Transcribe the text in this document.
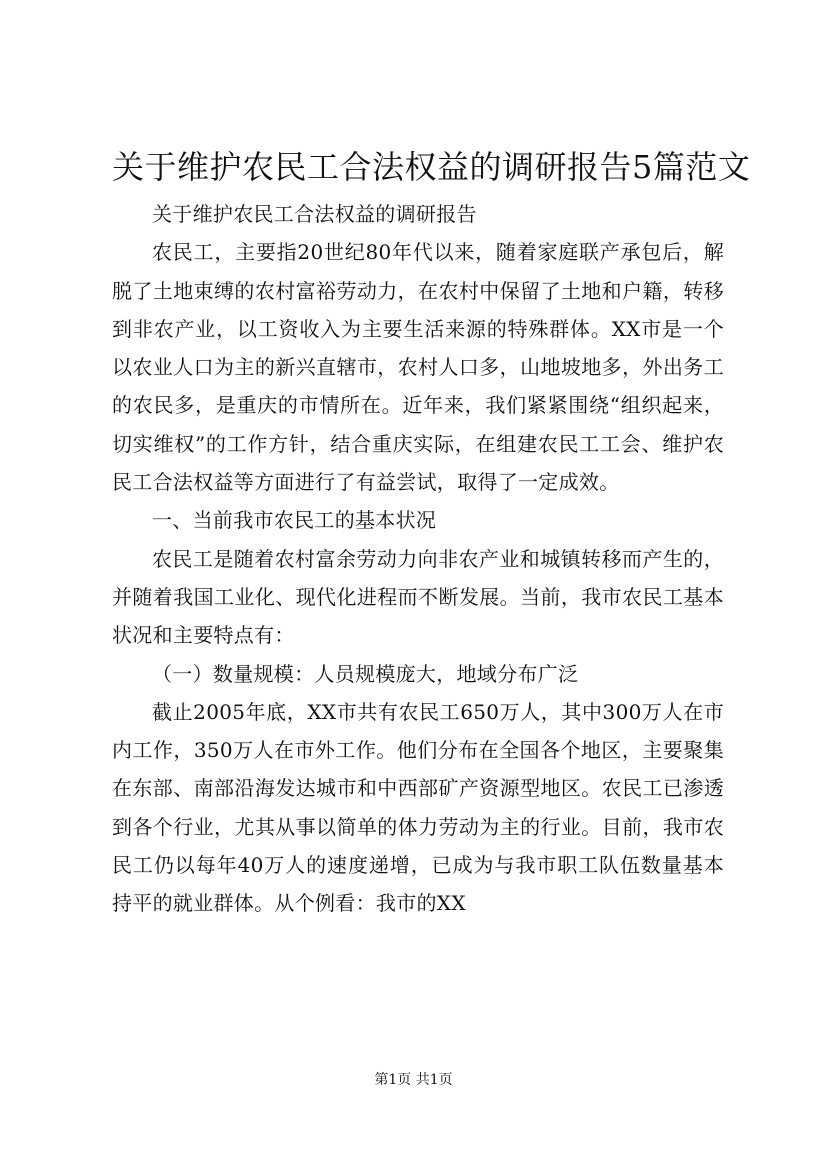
关于维护农民工合法权益的调研报告5篇范文

关于维护农民工合法权益的调研报告

农民工，主要指20世纪80年代以来，随着家庭联产承包后，解脱了土地束缚的农村富裕劳动力，在农村中保留了土地和户籍，转移到非农产业，以工资收入为主要生活来源的特殊群体。XX市是一个以农业人口为主的新兴直辖市，农村人口多，山地坡地多，外出务工的农民多，是重庆的市情所在。近年来，我们紧紧围绕“组织起来，切实维权”的工作方针，结合重庆实际，在组建农民工工会、维护农民工合法权益等方面进行了有益尝试，取得了一定成效。

一、当前我市农民工的基本状况

农民工是随着农村富余劳动力向非农产业和城镇转移而产生的，并随着我国工业化、现代化进程而不断发展。当前，我市农民工基本状况和主要特点有：

（一）数量规模：人员规模庞大，地域分布广泛

截止2005年底，XX市共有农民工650万人，其中300万人在市内工作，350万人在市外工作。他们分布在全国各个地区，主要聚集在东部、南部沿海发达城市和中西部矿产资源型地区。农民工已渗透到各个行业，尤其从事以简单的体力劳动为主的行业。目前，我市农民工仍以每年40万人的速度递增，已成为与我市职工队伍数量基本持平的就业群体。从个例看：我市的XX

第1页 共1页
